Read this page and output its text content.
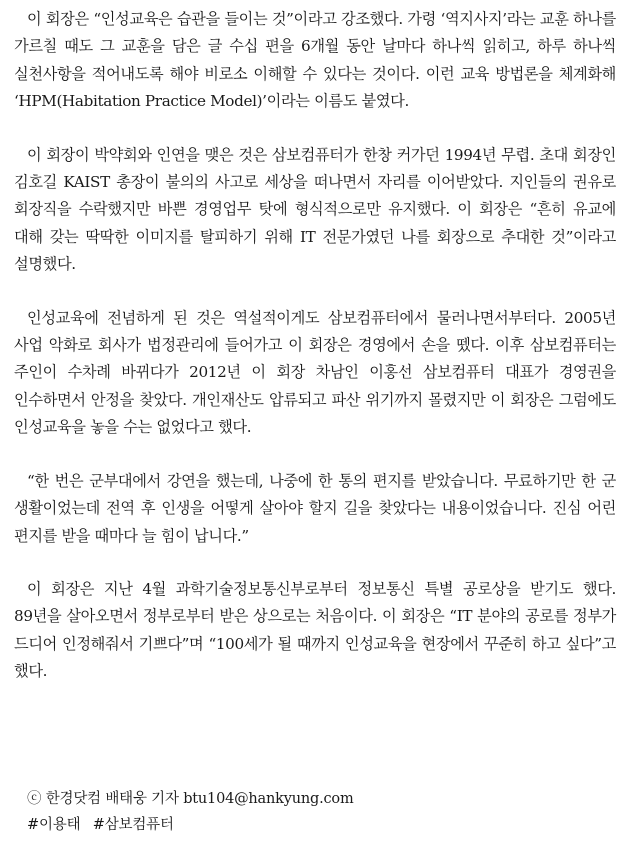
이 회장은 “인성교육은 습관을 들이는 것”이라고 강조했다. 가령 ‘역지사지’라는 교훈 하나를 가르칠 때도 그 교훈을 담은 글 수십 편을 6개월 동안 날마다 하나씩 읽히고, 하루 하나씩 실천사항을 적어내도록 해야 비로소 이해할 수 있다는 것이다. 이런 교육 방법론을 체계화해 ‘HPM(Habitation Practice Model)’이라는 이름도 붙였다.

이 회장이 박약회와 인연을 맺은 것은 삼보컴퓨터가 한창 커가던 1994년 무렵. 초대 회장인 김호길 KAIST 총장이 불의의 사고로 세상을 떠나면서 자리를 이어받았다. 지인들의 권유로 회장직을 수락했지만 바쁜 경영업무 탓에 형식적으로만 유지했다. 이 회장은 “흔히 유교에 대해 갖는 딱딱한 이미지를 탈피하기 위해 IT 전문가였던 나를 회장으로 추대한 것”이라고 설명했다.

인성교육에 전념하게 된 것은 역설적이게도 삼보컴퓨터에서 물러나면서부터다. 2005년 사업 악화로 회사가 법정관리에 들어가고 이 회장은 경영에서 손을 뗐다. 이후 삼보컴퓨터는 주인이 수차례 바뀌다가 2012년 이 회장 차남인 이홍선 삼보컴퓨터 대표가 경영권을 인수하면서 안정을 찾았다. 개인재산도 압류되고 파산 위기까지 몰렸지만 이 회장은 그럼에도 인성교육을 놓을 수는 없었다고 했다.

“한 번은 군부대에서 강연을 했는데, 나중에 한 통의 편지를 받았습니다. 무료하기만 한 군 생활이었는데 전역 후 인생을 어떻게 살아야 할지 길을 찾았다는 내용이었습니다. 진심 어린 편지를 받을 때마다 늘 힘이 납니다.”

이 회장은 지난 4월 과학기술정보통신부로부터 정보통신 특별 공로상을 받기도 했다. 89년을 살아오면서 정부로부터 받은 상으로는 처음이다. 이 회장은 “IT 분야의 공로를 정부가 드디어 인정해줘서 기쁘다”며 “100세가 될 때까지 인성교육을 현장에서 꾸준히 하고 싶다”고 했다.

ⓒ 한경닷컴 배태웅 기자 btu104@hankyung.com
#이용태 #삼보컴퓨터
